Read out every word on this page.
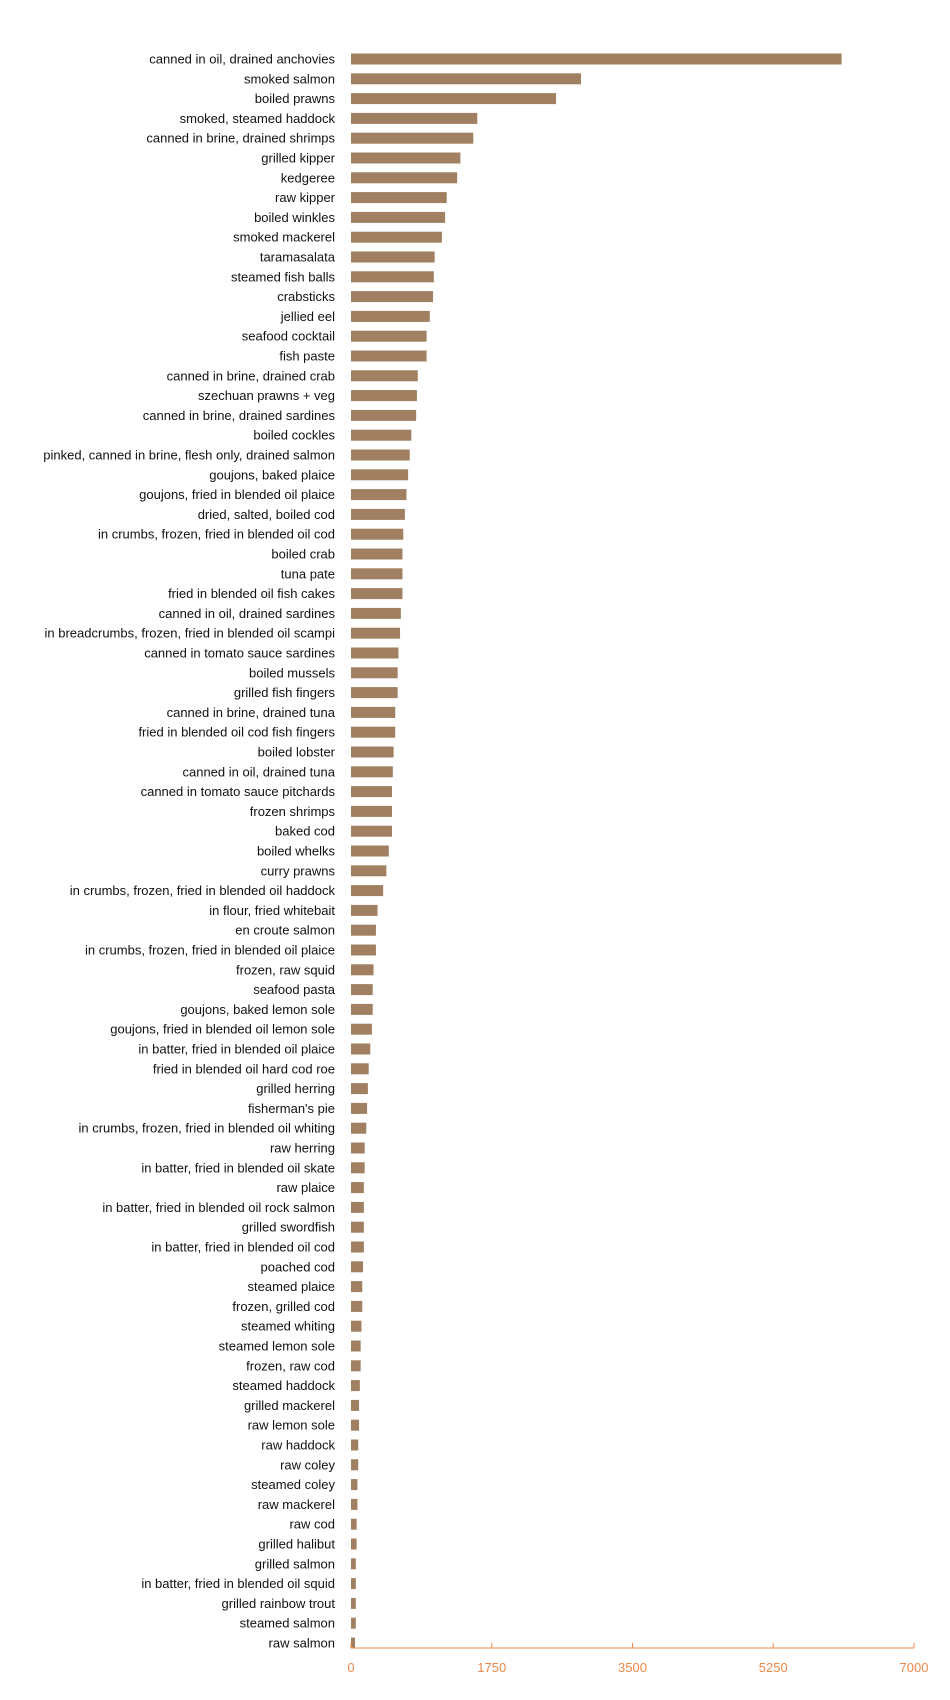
canned in oil, drained anchovies
smoked salmon
boiled prawns
smoked, steamed haddock
canned in brine, drained shrimps
grilled kipper
kedgeree
raw kipper
boiled winkles
smoked mackerel
taramasalata
steamed fish balls
crabsticks
jellied eel
seafood cocktail
fish paste
canned in brine, drained crab
szechuan prawns + veg
canned in brine, drained sardines
boiled cockles
pinked, canned in brine, flesh only, drained salmon
goujons, baked plaice
goujons, fried in blended oil plaice
dried, salted, boiled cod
in crumbs, frozen, fried in blended oil cod
boiled crab
tuna pate
fried in blended oil fish cakes
canned in oil, drained sardines
in breadcrumbs, frozen, fried in blended oil scampi
canned in tomato sauce sardines
boiled mussels
grilled fish fingers
canned in brine, drained tuna
fried in blended oil cod fish fingers
boiled lobster
canned in oil, drained tuna
canned in tomato sauce pitchards
frozen shrimps
baked cod
boiled whelks
curry prawns
in crumbs, frozen, fried in blended oil haddock
in flour, fried whitebait
en croute salmon
in crumbs, frozen, fried in blended oil plaice
frozen, raw squid
seafood pasta
goujons, baked lemon sole
goujons, fried in blended oil lemon sole
in batter, fried in blended oil plaice
fried in blended oil hard cod roe
grilled herring
fisherman's pie
in crumbs, frozen, fried in blended oil whiting
raw herring
in batter, fried in blended oil skate
raw plaice
in batter, fried in blended oil rock salmon
grilled swordfish
in batter, fried in blended oil cod
poached cod
steamed plaice
frozen, grilled cod
steamed whiting
steamed lemon sole
frozen, raw cod
steamed haddock
grilled mackerel
raw lemon sole
raw haddock
raw coley
steamed coley
raw mackerel
raw cod
grilled halibut
grilled salmon
in batter, fried in blended oil squid
grilled rainbow trout
steamed salmon
raw salmon
0	1750	3500	5250	7000
